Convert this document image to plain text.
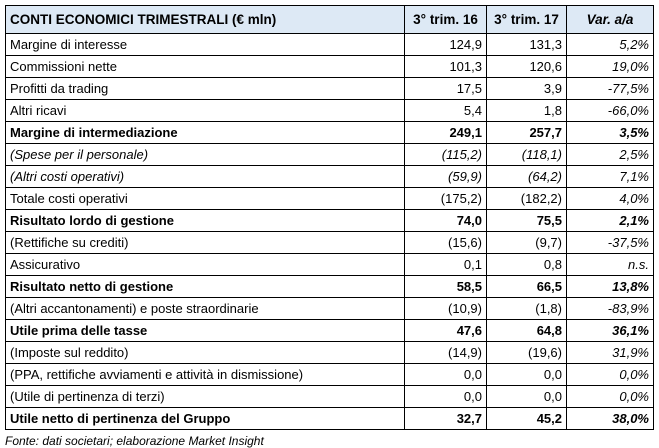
CONTI ECONOMICI TRIMESTRALI (€ mln)	3° trim. 16	3° trim. 17	Var. a/a
Margine di interesse	124,9	131,3	5,2%
Commissioni nette	101,3	120,6	19,0%
Profitti da trading	17,5	3,9	-77,5%
Altri ricavi	5,4	1,8	-66,0%
Margine di intermediazione	249,1	257,7	3,5%
(Spese per il personale)	(115,2)	(118,1)	2,5%
(Altri costi operativi)	(59,9)	(64,2)	7,1%
Totale costi operativi	(175,2)	(182,2)	4,0%
Risultato lordo di gestione	74,0	75,5	2,1%
(Rettifiche su crediti)	(15,6)	(9,7)	-37,5%
Assicurativo	0,1	0,8	n.s.
Risultato netto di gestione	58,5	66,5	13,8%
(Altri accantonamenti) e poste straordinarie	(10,9)	(1,8)	-83,9%
Utile prima delle tasse	47,6	64,8	36,1%
(Imposte sul reddito)	(14,9)	(19,6)	31,9%
(PPA, rettifiche avviamenti e attività in dismissione)	0,0	0,0	0,0%
(Utile di pertinenza di terzi)	0,0	0,0	0,0%
Utile netto di pertinenza del Gruppo	32,7	45,2	38,0%
Fonte: dati societari; elaborazione Market Insight
